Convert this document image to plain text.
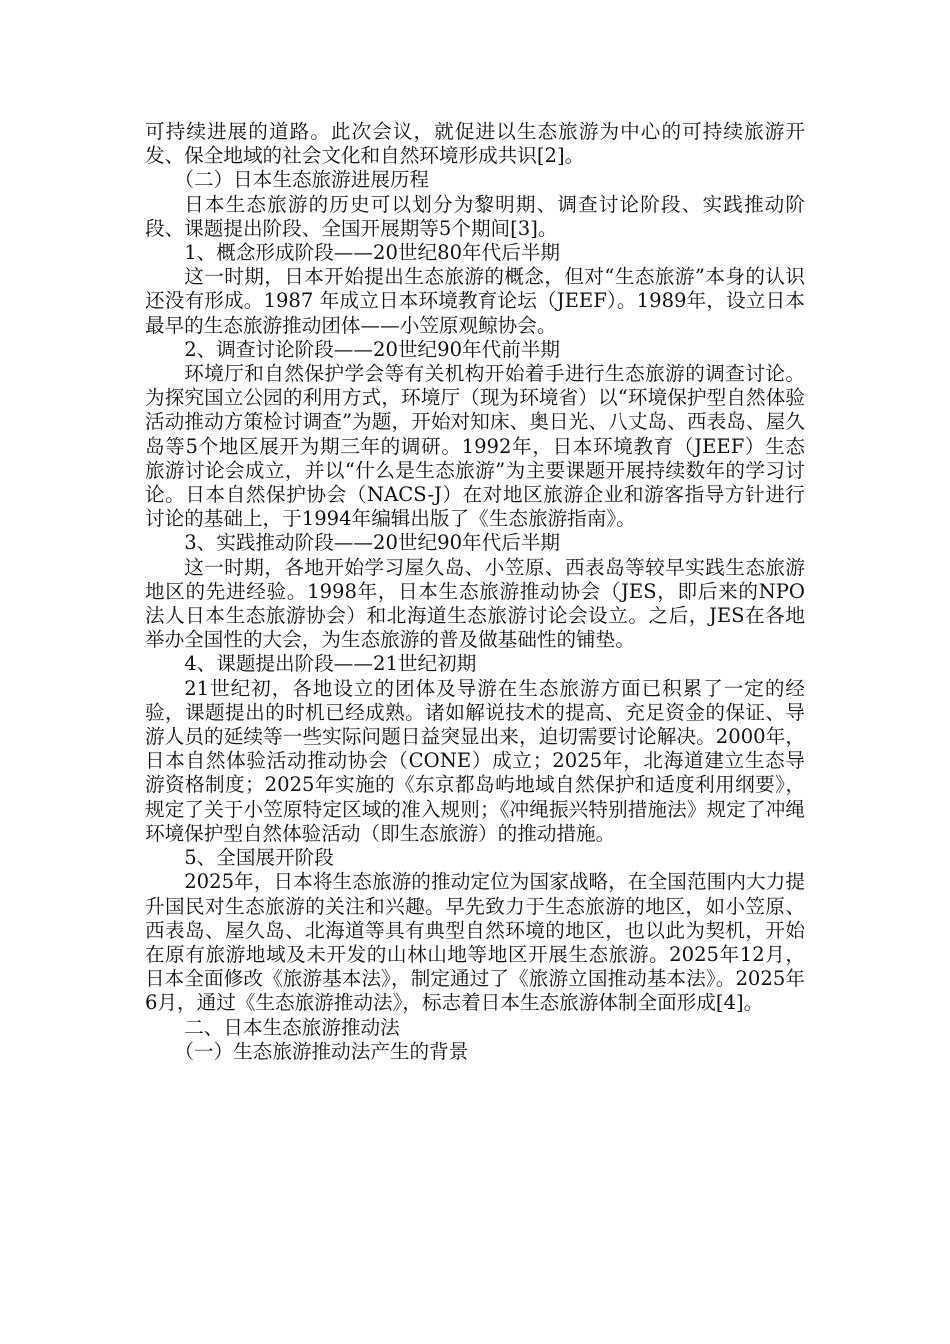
可持续进展的道路。此次会议，就促进以生态旅游为中心的可持续旅游开发、保全地域的社会文化和自然环境形成共识[2]。

（二）日本生态旅游进展历程

日本生态旅游的历史可以划分为黎明期、调查讨论阶段、实践推动阶段、课题提出阶段、全国开展期等5个期间[3]。

1、概念形成阶段——20世纪80年代后半期

这一时期，日本开始提出生态旅游的概念，但对“生态旅游”本身的认识还没有形成。1987 年成立日本环境教育论坛（JEEF）。1989年，设立日本最早的生态旅游推动团体——小笠原观鲸协会。

2、调查讨论阶段——20世纪90年代前半期

环境厅和自然保护学会等有关机构开始着手进行生态旅游的调查讨论。为探究国立公园的利用方式，环境厅（现为环境省）以“环境保护型自然体验活动推动方策检讨调查”为题，开始对知床、奥日光、八丈岛、西表岛、屋久岛等5个地区展开为期三年的调研。1992年，日本环境教育（JEEF）生态旅游讨论会成立，并以“什么是生态旅游”为主要课题开展持续数年的学习讨论。日本自然保护协会（NACS-J）在对地区旅游企业和游客指导方针进行讨论的基础上，于1994年编辑出版了《生态旅游指南》。

3、实践推动阶段——20世纪90年代后半期

这一时期，各地开始学习屋久岛、小笠原、西表岛等较早实践生态旅游地区的先进经验。1998年，日本生态旅游推动协会（JES，即后来的NPO法人日本生态旅游协会）和北海道生态旅游讨论会设立。之后，JES在各地举办全国性的大会，为生态旅游的普及做基础性的铺垫。

4、课题提出阶段——21世纪初期

21世纪初，各地设立的团体及导游在生态旅游方面已积累了一定的经验，课题提出的时机已经成熟。诸如解说技术的提高、充足资金的保证、导游人员的延续等一些实际问题日益突显出来，迫切需要讨论解决。2000年，日本自然体验活动推动协会（CONE）成立；2025年，北海道建立生态导游资格制度；2025年实施的《东京都岛屿地域自然保护和适度利用纲要》，规定了关于小笠原特定区域的准入规则；《冲绳振兴特别措施法》规定了冲绳环境保护型自然体验活动（即生态旅游）的推动措施。

5、全国展开阶段

2025年，日本将生态旅游的推动定位为国家战略，在全国范围内大力提升国民对生态旅游的关注和兴趣。早先致力于生态旅游的地区，如小笠原、西表岛、屋久岛、北海道等具有典型自然环境的地区，也以此为契机，开始在原有旅游地域及未开发的山林山地等地区开展生态旅游。2025年12月，日本全面修改《旅游基本法》，制定通过了《旅游立国推动基本法》。2025年6月，通过《生态旅游推动法》，标志着日本生态旅游体制全面形成[4]。

二、日本生态旅游推动法

（一）生态旅游推动法产生的背景
